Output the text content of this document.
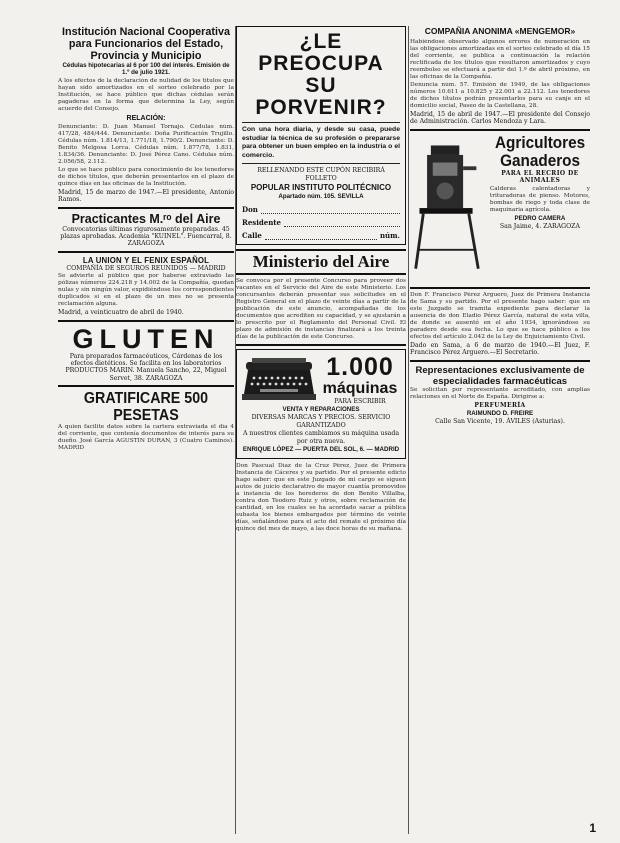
Institución Nacional Cooperativa para Funcionarios del Estado, Provincia y Municipio

Cédulas hipotecarias al 6 por 100 del interés. Emisión de 1.º de julio 1921.

A los efectos de la declaración de nulidad de los títulos que hayan sido amortizados en el sorteo celebrado por la Institución, se hace público que dichas cédulas serán pagaderas en la forma que determina la Ley, según acuerdo del Consejo.

RELACIÓN:

Denunciante: D. Juan Manuel Tornajo. Cédulas núm. 417/28, 484/444. Denunciante: Doña Purificación Trujillo. Cédulas núm. 1.814/13, 1.771/18, 1.790/2. Denunciante: D. Benito Melgosa Lorca. Cédulas núm. 1.877/78, 1.831, 1.834/36. Denunciante: D. José Pérez Cano. Cédulas núm. 2.056/58, 2.112.

Lo que se hace público para conocimiento de los tenedores de dichos títulos, que deberán presentarlos en el plazo de quince días en las oficinas de la Institución.

Madrid, 15 de marzo de 1947.—El presidente, Antonio Ramos.

Practicantes M.ʳᵒ del Aire

Convocatorias últimas rigurosamente preparadas. 45 plazas aprobadas. Academia "KUINEL". Fuencarral, 8. ZARAGOZA

LA UNION Y EL FENIX ESPAÑOL

COMPAÑÍA DE SEGUROS REUNIDOS — MADRID

Se advierte al público que por haberse extraviado las pólizas números 224.218 y 14.002 de la Compañía, quedan nulas y sin ningún valor, expidiéndose los correspondientes duplicados si en el plazo de un mes no se presenta reclamación alguna.

Madrid, a veinticuatro de abril de 1940.

GLUTEN

Para preparados farmacéuticos, Cárdenas de los efectos dietéticos. Se facilita en los laboratorios PRODUCTOS MARIN. Manuela Sancho, 22, Miguel Servet, 38. ZARAGOZA

GRATIFICARE 500 PESETAS

A quien facilite datos sobre la cartera extraviada el día 4 del corriente, que contenía documentos de interés para su dueño. José García AGUSTIN DURAN, 3 (Cuatro Caminos). MADRID

¿LE PREOCUPA SU PORVENIR?

Con una hora diaria, y desde su casa, puede estudiar la técnica de su profesión o prepararse para obtener un buen empleo en la industria o el comercio.

RELLENANDO ESTE CUPÓN RECIBIRÁ FOLLETO

POPULAR INSTITUTO POLITÉCNICO

Apartado núm. 105. SEVILLA

Don
Residente
Calle	núm.
Ministerio del Aire

Se convoca por el presente Concurso para proveer dos vacantes en el Servicio del Aire de este Ministerio. Los concursantes deberán presentar sus solicitudes en el Registro General en el plazo de veinte días a partir de la publicación de este anuncio, acompañadas de los documentos que acrediten su capacidad, y se ajustarán a lo prescrito por el Reglamento del Personal Civil. El plazo de admisión de instancias finalizará a los treinta días de la publicación de este Concurso.

1.000
máquinas

PARA ESCRIBIR

VENTA Y REPARACIONES

DIVERSAS MARCAS Y PRECIOS. SERVICIO GARANTIZADO

A nuestros clientes cambiamos su máquina usada por otra nueva.

ENRIQUE LÓPEZ — PUERTA DEL SOL, 6. — MADRID

Don Pascual Díaz de la Cruz Pérez, Juez de Primera Instancia de Cáceres y su partido. Por el presente edicto hago saber: que en este Juzgado de mi cargo se siguen autos de juicio declarativo de mayor cuantía promovidos a instancia de los herederos de don Benito Villalba, contra don Teodoro Ruiz y otros, sobre reclamación de cantidad, en los cuales se ha acordado sacar a pública subasta los bienes embargados por término de veinte días, señalándose para el acto del remate el próximo día quince del mes de mayo, a las doce horas de su mañana.

COMPAÑIA ANONIMA «MENGEMOR»

Habiéndose observado algunos errores de numeración en las obligaciones amortizadas en el sorteo celebrado el día 15 del corriente, se publica a continuación la relación rectificada de los títulos que resultaron amortizados y cuyo reembolso se efectuará a partir del 1.º de abril próximo, en las oficinas de la Compañía.

Denuncia núm. 57. Emisión de 1949, de las obligaciones números 10.611 a 10.825 y 22.001 a 22.112. Los tenedores de dichos títulos podrán presentarlos para su canje en el domicilio social, Paseo de la Castellana, 28.

Madrid, 15 de abril de 1947.—El presidente del Consejo de Administración. Carlos Mendoza y Lara.

Agricultores Ganaderos

PARA EL RECRIO DE ANIMALES

Calderas calentadoras y trituradoras de pienso. Motores, bombas de riego y toda clase de maquinaria agrícola.

PEDRO CAMERA

San Jaime, 4. ZARAGOZA

Don F. Francisco Pérez Arguero, Juez de Primera Instancia de Sama y su partido. Por el presente hago saber: que en este Juzgado se tramita expediente para declarar la ausencia de don Eladio Pérez García, natural de esta villa, de donde se ausentó en el año 1934, ignorándose su paradero desde esa fecha. Lo que se hace público a los efectos del artículo 2.042 de la Ley de Enjuiciamiento Civil.

Dado en Sama, a 6 de marzo de 1940.—El Juez, F. Francisco Pérez Arguero.—El Secretario.

Representaciones exclusivamente de especialidades farmacéuticas

Se solicitan por representante acreditado, con amplias relaciones en el Norte de España. Dirigirse a:

PERFUMERÍA

RAIMUNDO D. FREIRE

Calle San Vicente, 19. ÁVILES (Asturias).

1
